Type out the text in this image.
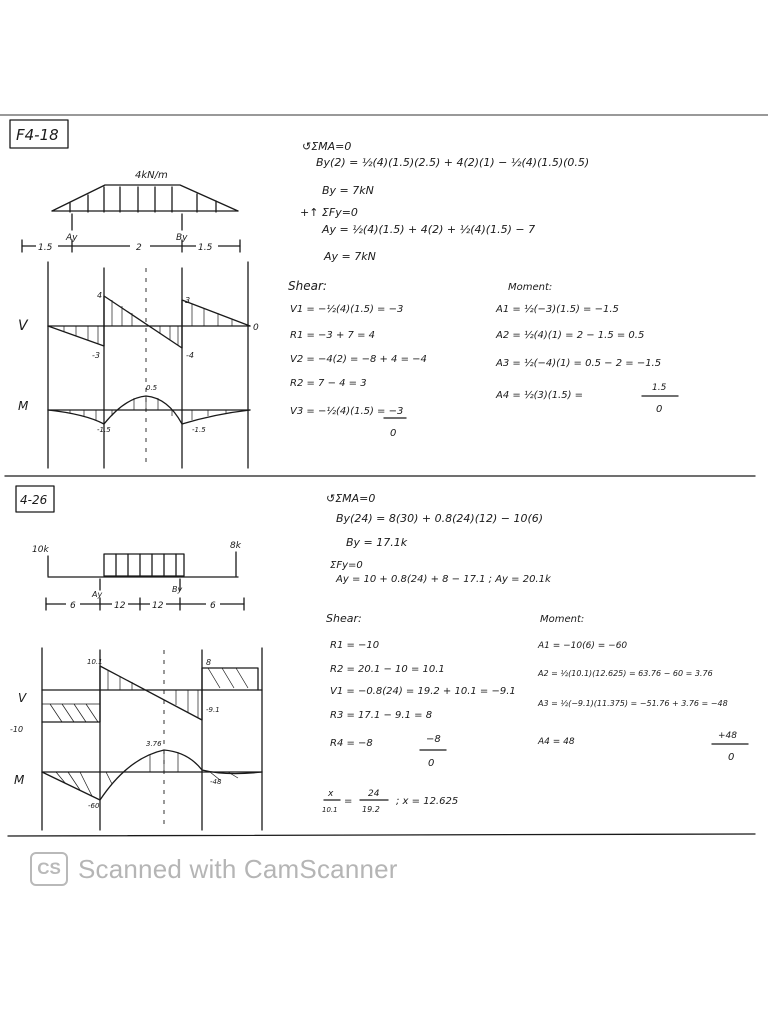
F4-18
4kN/m
Ay	By
1.5	2	1.5
V
M
4
3
-3	-4
0
-1.5
0.5
-1.5
↺ΣMA=0
By(2) = ½(4)(1.5)(2.5) + 4(2)(1) − ½(4)(1.5)(0.5)
By = 7kN
+↑ ΣFy=0
Ay = ½(4)(1.5) + 4(2) + ½(4)(1.5) − 7
Ay = 7kN
Shear:
V1 = −½(4)(1.5) = −3
R1 = −3 + 7 = 4
V2 = −4(2) = −8 + 4 = −4
R2 = 7 − 4 = 3
V3 = −½(4)(1.5) = −3
0
Moment:
A1 = ½(−3)(1.5) = −1.5
A2 = ½(4)(1) = 2 − 1.5 = 0.5
A3 = ½(−4)(1) = 0.5 − 2 = −1.5
A4 = ½(3)(1.5) =
1.5
0
4-26
10k	8k
Ay
By
6	12	12	6
V
M
10.1	8
-9.1
-10
3.76
-60
-48
↺ΣMA=0
By(24) = 8(30) + 0.8(24)(12) − 10(6)
By = 17.1k
ΣFy=0
Ay = 10 + 0.8(24) + 8 − 17.1 ; Ay = 20.1k
Shear:
R1 = −10
R2 = 20.1 − 10 = 10.1
V1 = −0.8(24) = 19.2 + 10.1 = −9.1
R3 = 17.1 − 9.1 = 8
R4 = −8	−8
0
Moment:
A1 = −10(6) = −60
A2 = ½(10.1)(12.625) = 63.76 − 60 = 3.76
A3 = ½(−9.1)(11.375) = −51.76 + 3.76 = −48
A4 = 48
+48
0
x
10.1
=
24
19.2
; x = 12.625
CS Scanned with CamScanner
